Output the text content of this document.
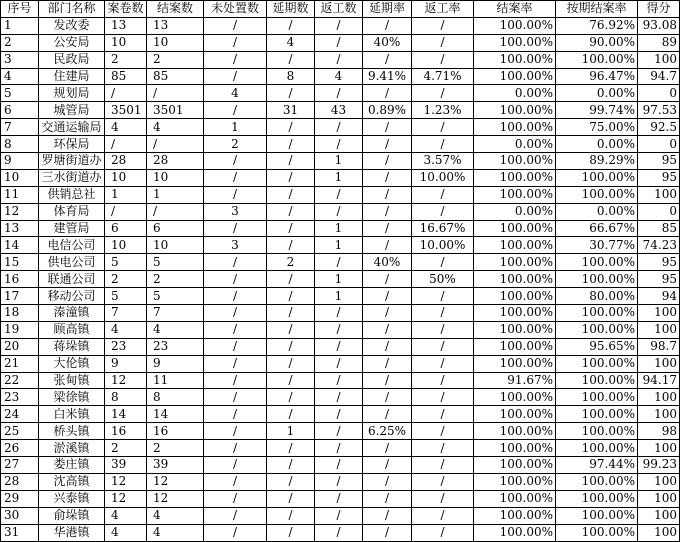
序号	部门名称	案卷数	结案数	未处置数	延期数	返工数	延期率	返工率	结案率	按期结案率	得分
1	发改委	13	13	/	/	/	/	/	100.00%	76.92%	93.08
2	公安局	10	10	/	4	/	40%	/	100.00%	90.00%	89
3	民政局	2	2	/	/	/	/	/	100.00%	100.00%	100
4	住建局	85	85	/	8	4	9.41%	4.71%	100.00%	96.47%	94.7
5	规划局	/	/	4	/	/	/	/	0.00%	0.00%	0
6	城管局	3501	3501	/	31	43	0.89%	1.23%	100.00%	99.74%	97.53
7	交通运输局	4	4	1	/	/	/	/	100.00%	75.00%	92.5
8	环保局	/	/	2	/	/	/	/	0.00%	0.00%	0
9	罗塘街道办	28	28	/	/	1	/	3.57%	100.00%	89.29%	95
10	三水街道办	10	10	/	/	1	/	10.00%	100.00%	100.00%	95
11	供销总社	1	1	/	/	/	/	/	100.00%	100.00%	100
12	体育局	/	/	3	/	/	/	/	0.00%	0.00%	0
13	建管局	6	6	/	/	1	/	16.67%	100.00%	66.67%	85
14	电信公司	10	10	3	/	1	/	10.00%	100.00%	30.77%	74.23
15	供电公司	5	5	/	2	/	40%	/	100.00%	100.00%	95
16	联通公司	2	2	/	/	1	/	50%	100.00%	100.00%	95
17	移动公司	5	5	/	/	1	/	/	100.00%	80.00%	94
18	溱潼镇	7	7	/	/	/	/	/	100.00%	100.00%	100
19	顾高镇	4	4	/	/	/	/	/	100.00%	100.00%	100
20	蒋垛镇	23	23	/	/	/	/	/	100.00%	95.65%	98.7
21	大伦镇	9	9	/	/	/	/	/	100.00%	100.00%	100
22	张甸镇	12	11	/	/	/	/	/	91.67%	100.00%	94.17
23	梁徐镇	8	8	/	/	/	/	/	100.00%	100.00%	100
24	白米镇	14	14	/	/	/	/	/	100.00%	100.00%	100
25	桥头镇	16	16	/	1	/	6.25%	/	100.00%	100.00%	98
26	淤溪镇	2	2	/	/	/	/	/	100.00%	100.00%	100
27	娄庄镇	39	39	/	/	/	/	/	100.00%	97.44%	99.23
28	沈高镇	12	12	/	/	/	/	/	100.00%	100.00%	100
29	兴泰镇	12	12	/	/	/	/	/	100.00%	100.00%	100
30	俞垛镇	4	4	/	/	/	/	/	100.00%	100.00%	100
31	华港镇	4	4	/	/	/	/	/	100.00%	100.00%	100
